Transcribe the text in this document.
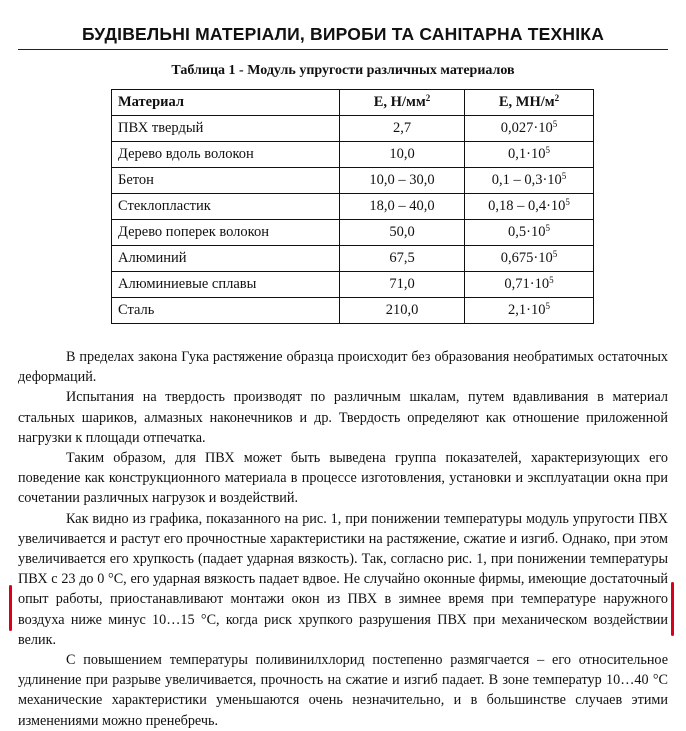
БУДІВЕЛЬНІ МАТЕРІАЛИ, ВИРОБИ ТА САНІТАРНА ТЕХНІКА
Таблица 1 - Модуль упругости различных материалов
Материал	Е, $Н/мм^2$	Е, $МН/м^2$
ПВХ твердый	2,7	$0,027\cdot 10^5$
Дерево вдоль волокон	10,0	$0,1\cdot 10^5$
Бетон	10,0 – 30,0	$0,1 - 0,3\cdot 10^5$
Стеклопластик	18,0 – 40,0	$0,18 - 0,4\cdot 10^5$
Дерево поперек волокон	50,0	$0,5\cdot 10^5$
Алюминий	67,5	$0,675\cdot 10^5$
Алюминиевые сплавы	71,0	$0,71\cdot 10^5$
Сталь	210,0	$2,1\cdot 10^5$

В пределах закона Гука растяжение образца происходит без образования необратимых остаточных деформаций.

Испытания на твердость производят по различным шкалам, путем вдавливания в материал стальных шариков, алмазных наконечников и др. Твердость определяют как отношение приложенной нагрузки к площади отпечатка.

Таким образом, для ПВХ может быть выведена группа показателей, характеризующих его поведение как конструкционного материала в процессе изготовления, установки и эксплуатации окна при сочетании различных нагрузок и воздействий.

Как видно из графика, показанного на рис. 1, при понижении температуры модуль упругости ПВХ увеличивается и растут его прочностные характеристики на растяжение, сжатие и изгиб. Однако, при этом увеличивается его хрупкость (падает ударная вязкость). Так, согласно рис. 1, при понижении температуры ПВХ с 23 до 0 °С, его ударная вязкость падает вдвое. Не случайно оконные фирмы, имеющие достаточный опыт работы, приостанавливают монтажи окон из ПВХ в зимнее время при температуре наружного воздуха ниже минус 10…15 °С, когда риск хрупкого разрушения ПВХ при механическом воздействии велик.

С повышением температуры поливинилхлорид постепенно размягчается – его относительное удлинение при разрыве увеличивается, прочность на сжатие и изгиб падает. В зоне температур 10…40 °С механические характеристики уменьшаются очень незначительно, и в большинстве случаев этими изменениями можно пренебречь.
